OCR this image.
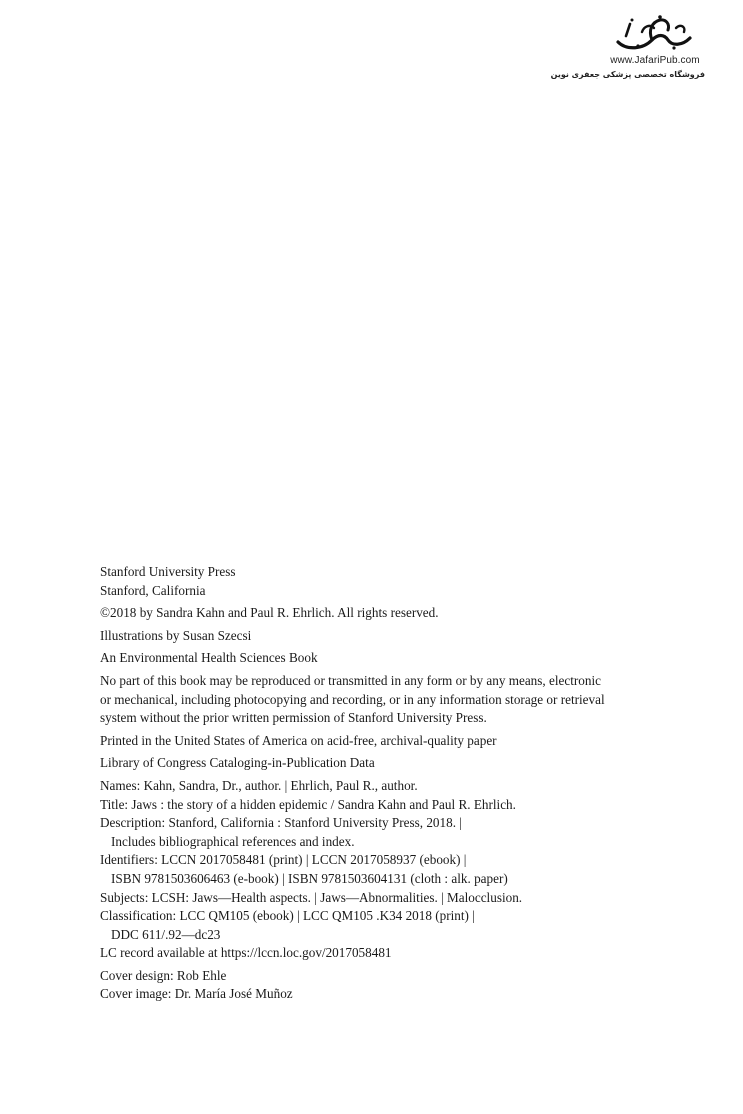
www.JafariPub.com
فروشگاه تخصصی پزشکی جعفری نوین
Stanford University Press
Stanford, California
©2018 by Sandra Kahn and Paul R. Ehrlich. All rights reserved.
Illustrations by Susan Szecsi
An Environmental Health Sciences Book
No part of this book may be reproduced or transmitted in any form or by any means, electronic
or mechanical, including photocopying and recording, or in any information storage or retrieval
system without the prior written permission of Stanford University Press.
Printed in the United States of America on acid-free, archival-quality paper
Library of Congress Cataloging-in-Publication Data
Names: Kahn, Sandra, Dr., author. | Ehrlich, Paul R., author.
Title: Jaws : the story of a hidden epidemic / Sandra Kahn and Paul R. Ehrlich.
Description: Stanford, California : Stanford University Press, 2018. |
Includes bibliographical references and index.
Identifiers: LCCN 2017058481 (print) | LCCN 2017058937 (ebook) |
ISBN 9781503606463 (e-book) | ISBN 9781503604131 (cloth : alk. paper)
Subjects: LCSH: Jaws—Health aspects. | Jaws—Abnormalities. | Malocclusion.
Classification: LCC QM105 (ebook) | LCC QM105 .K34 2018 (print) |
DDC 611/.92—dc23
LC record available at https://lccn.loc.gov/2017058481
Cover design: Rob Ehle
Cover image: Dr. María José Muñoz
